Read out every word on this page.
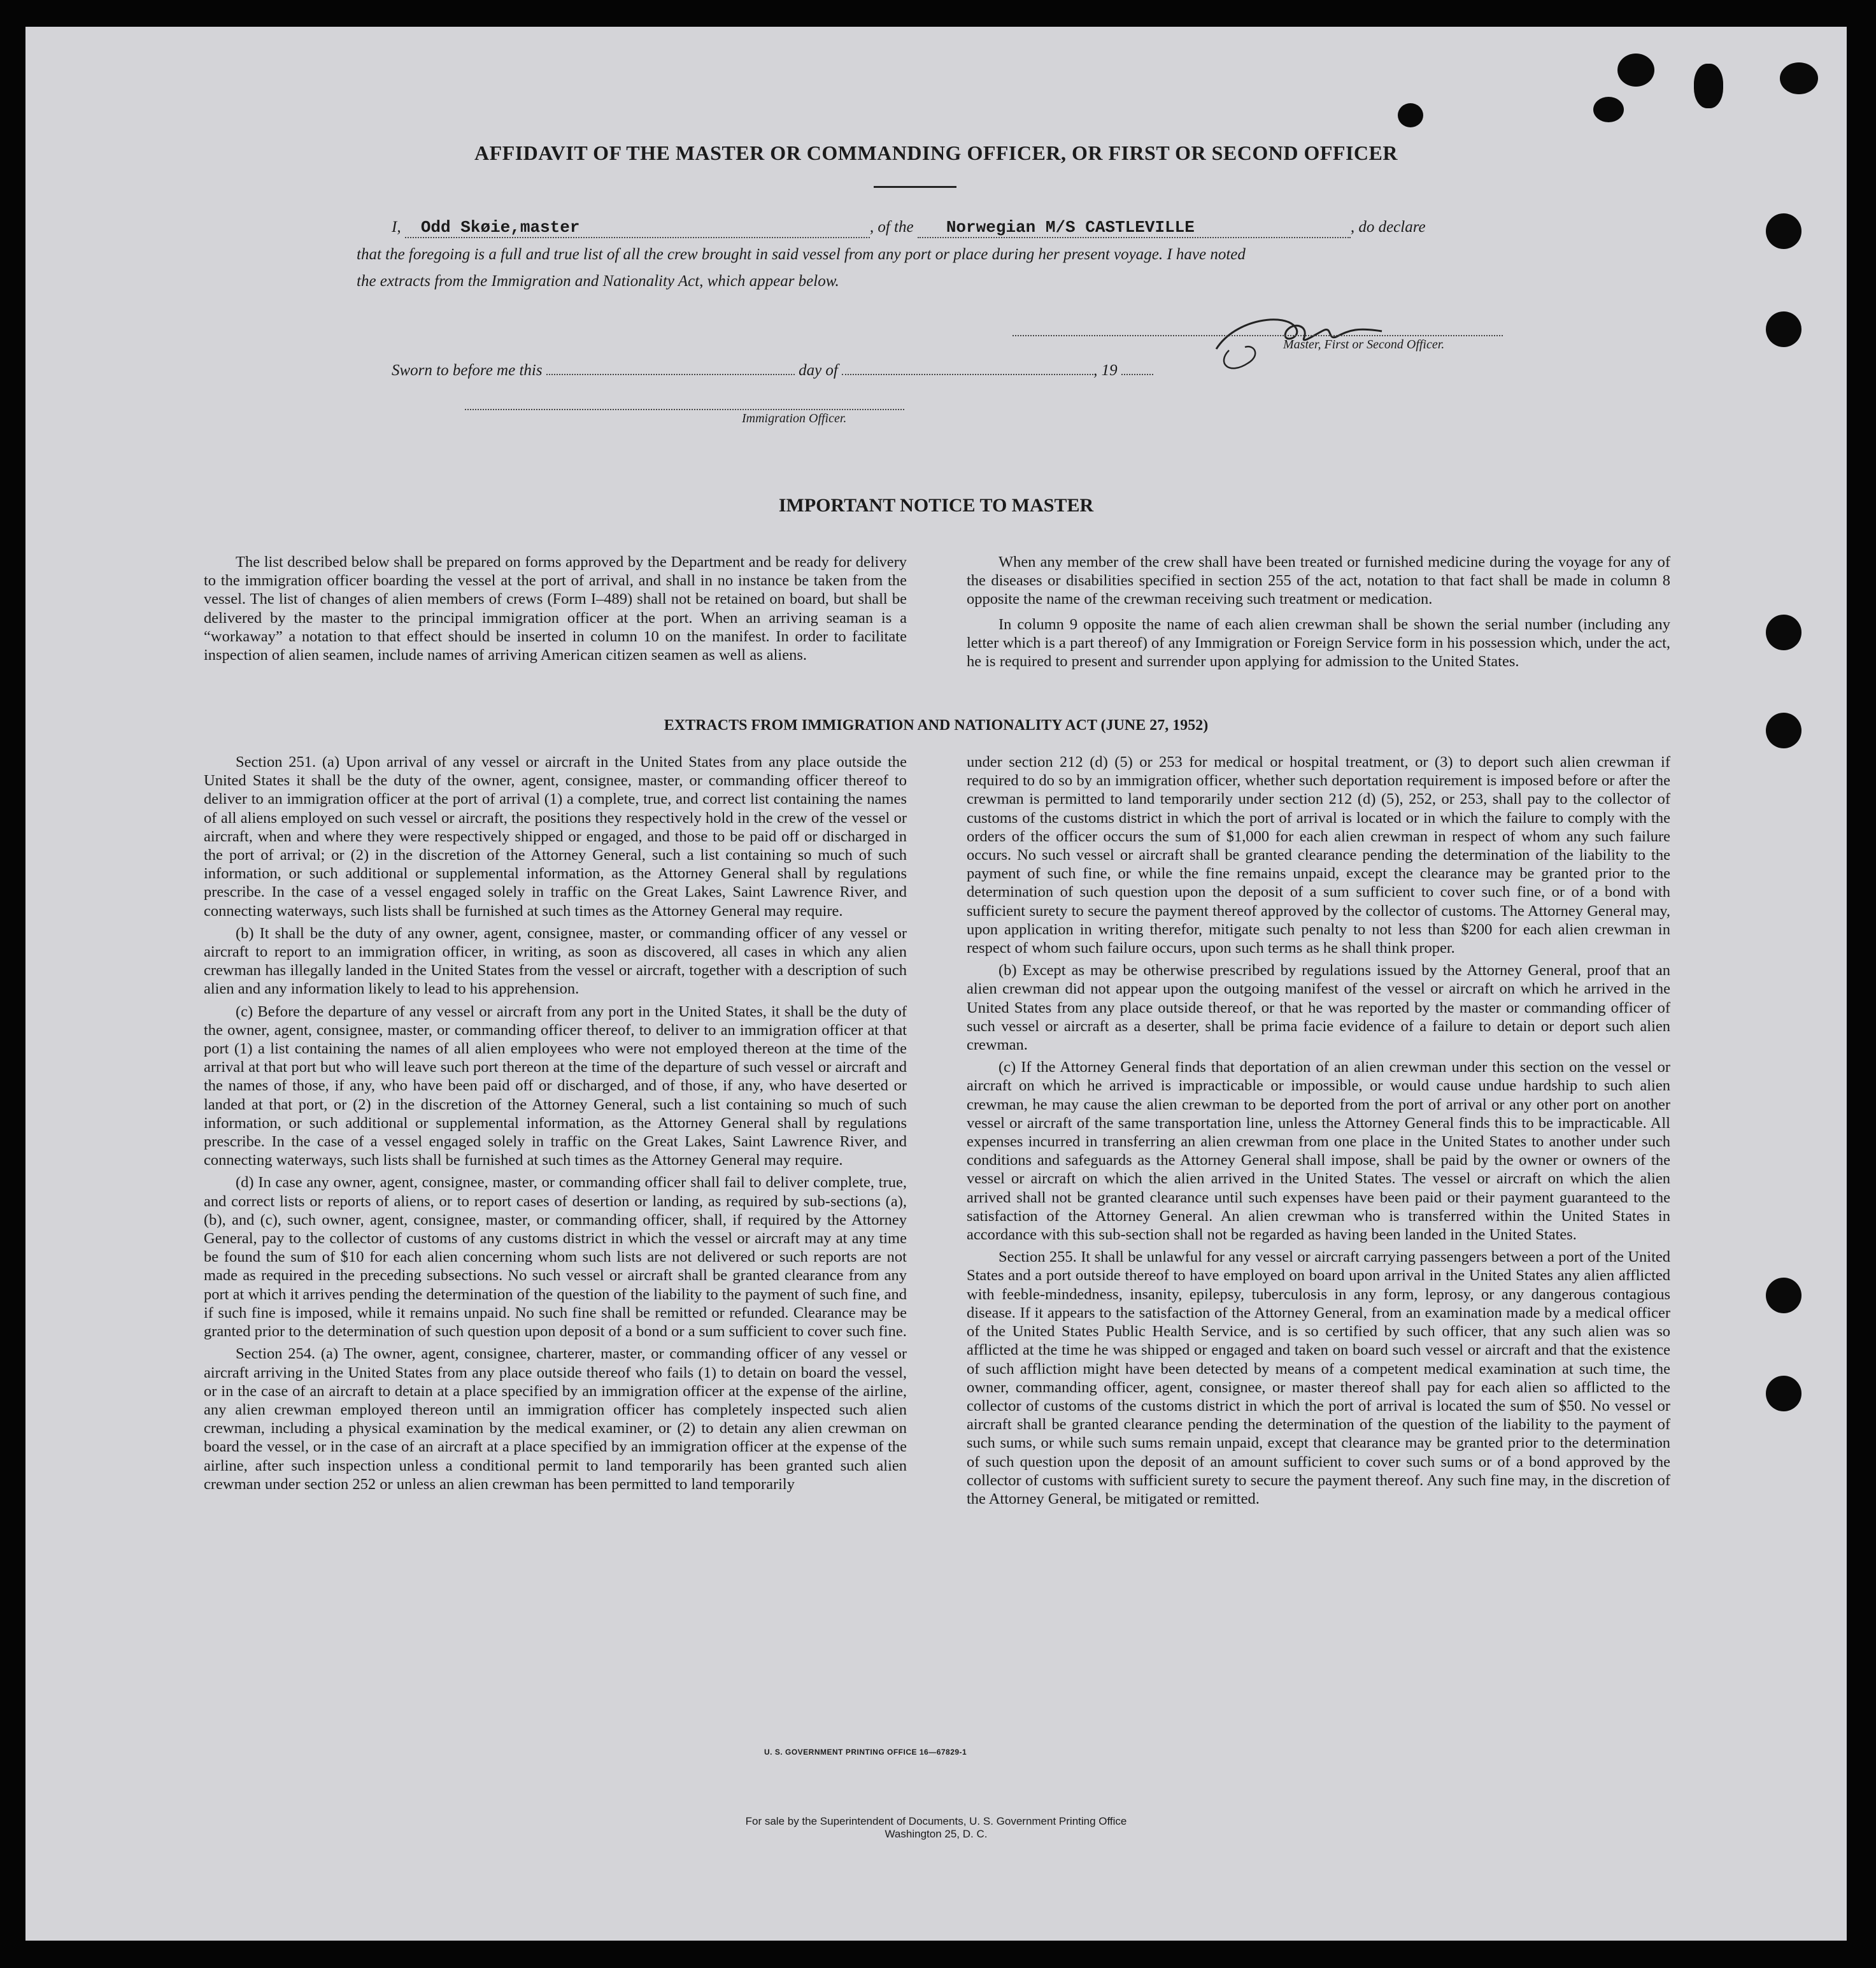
AFFIDAVIT OF THE MASTER OR COMMANDING OFFICER, OR FIRST OR SECOND OFFICER
I, Odd Skøie,master	, of the Norwegian M/S CASTLEVILLE	, do declare
that the foregoing is a full and true list of all the crew brought in said vessel from any port or place during her present voyage. I have noted
the extracts from the Immigration and Nationality Act, which appear below.
Master, First or Second Officer.
Sworn to before me this	day of	, 19
Immigration Officer.
IMPORTANT NOTICE TO MASTER

The list described below shall be prepared on forms approved by the Department and be ready for delivery to the immigration officer boarding the vessel at the port of arrival, and shall in no instance be taken from the vessel. The list of changes of alien members of crews (Form I–489) shall not be retained on board, but shall be delivered by the master to the principal immigration officer at the port. When an arriving seaman is a “workaway” a notation to that effect should be inserted in column 10 on the manifest. In order to facilitate inspection of alien seamen, include names of arriving American citizen seamen as well as aliens.

When any member of the crew shall have been treated or furnished medicine during the voyage for any of the diseases or disabilities specified in section 255 of the act, notation to that fact shall be made in column 8 opposite the name of the crewman receiving such treatment or medication.

In column 9 opposite the name of each alien crewman shall be shown the serial number (including any letter which is a part thereof) of any Immigration or Foreign Service form in his possession which, under the act, he is required to present and surrender upon applying for admission to the United States.

EXTRACTS FROM IMMIGRATION AND NATIONALITY ACT (JUNE 27, 1952)

Section 251. (a) Upon arrival of any vessel or aircraft in the United States from any place outside the United States it shall be the duty of the owner, agent, consignee, master, or commanding officer thereof to deliver to an immigration officer at the port of arrival (1) a complete, true, and correct list containing the names of all aliens employed on such vessel or aircraft, the positions they respectively hold in the crew of the vessel or aircraft, when and where they were respectively shipped or engaged, and those to be paid off or discharged in the port of arrival; or (2) in the discretion of the Attorney General, such a list containing so much of such information, or such additional or supplemental information, as the Attorney General shall by regulations prescribe. In the case of a vessel engaged solely in traffic on the Great Lakes, Saint Lawrence River, and connecting waterways, such lists shall be furnished at such times as the Attorney General may require.

(b) It shall be the duty of any owner, agent, consignee, master, or commanding officer of any vessel or aircraft to report to an immigration officer, in writing, as soon as discovered, all cases in which any alien crewman has illegally landed in the United States from the vessel or aircraft, together with a description of such alien and any information likely to lead to his apprehension.

(c) Before the departure of any vessel or aircraft from any port in the United States, it shall be the duty of the owner, agent, consignee, master, or commanding officer thereof, to deliver to an immigration officer at that port (1) a list containing the names of all alien employees who were not employed thereon at the time of the arrival at that port but who will leave such port thereon at the time of the departure of such vessel or aircraft and the names of those, if any, who have been paid off or discharged, and of those, if any, who have deserted or landed at that port, or (2) in the discretion of the Attorney General, such a list containing so much of such information, or such additional or supplemental information, as the Attorney General shall by regulations prescribe. In the case of a vessel engaged solely in traffic on the Great Lakes, Saint Lawrence River, and connecting waterways, such lists shall be furnished at such times as the Attorney General may require.

(d) In case any owner, agent, consignee, master, or commanding officer shall fail to deliver complete, true, and correct lists or reports of aliens, or to report cases of desertion or landing, as required by sub-sections (a), (b), and (c), such owner, agent, consignee, master, or commanding officer, shall, if required by the Attorney General, pay to the collector of customs of any customs district in which the vessel or aircraft may at any time be found the sum of $10 for each alien concerning whom such lists are not delivered or such reports are not made as required in the preceding subsections. No such vessel or aircraft shall be granted clearance from any port at which it arrives pending the determination of the question of the liability to the payment of such fine, and if such fine is imposed, while it remains unpaid. No such fine shall be remitted or refunded. Clearance may be granted prior to the determination of such question upon deposit of a bond or a sum sufficient to cover such fine.

Section 254. (a) The owner, agent, consignee, charterer, master, or commanding officer of any vessel or aircraft arriving in the United States from any place outside thereof who fails (1) to detain on board the vessel, or in the case of an aircraft to detain at a place specified by an immigration officer at the expense of the airline, any alien crewman employed thereon until an immigration officer has completely inspected such alien crewman, including a physical examination by the medical examiner, or (2) to detain any alien crewman on board the vessel, or in the case of an aircraft at a place specified by an immigration officer at the expense of the airline, after such inspection unless a conditional permit to land temporarily has been granted such alien crewman under section 252 or unless an alien crewman has been permitted to land temporarily

under section 212 (d) (5) or 253 for medical or hospital treatment, or (3) to deport such alien crewman if required to do so by an immigration officer, whether such deportation requirement is imposed before or after the crewman is permitted to land temporarily under section 212 (d) (5), 252, or 253, shall pay to the collector of customs of the customs district in which the port of arrival is located or in which the failure to comply with the orders of the officer occurs the sum of $1,000 for each alien crewman in respect of whom any such failure occurs. No such vessel or aircraft shall be granted clearance pending the determination of the liability to the payment of such fine, or while the fine remains unpaid, except the clearance may be granted prior to the determination of such question upon the deposit of a sum sufficient to cover such fine, or of a bond with sufficient surety to secure the payment thereof approved by the collector of customs. The Attorney General may, upon application in writing therefor, mitigate such penalty to not less than $200 for each alien crewman in respect of whom such failure occurs, upon such terms as he shall think proper.

(b) Except as may be otherwise prescribed by regulations issued by the Attorney General, proof that an alien crewman did not appear upon the outgoing manifest of the vessel or aircraft on which he arrived in the United States from any place outside thereof, or that he was reported by the master or commanding officer of such vessel or aircraft as a deserter, shall be prima facie evidence of a failure to detain or deport such alien crewman.

(c) If the Attorney General finds that deportation of an alien crewman under this section on the vessel or aircraft on which he arrived is impracticable or impossible, or would cause undue hardship to such alien crewman, he may cause the alien crewman to be deported from the port of arrival or any other port on another vessel or aircraft of the same transportation line, unless the Attorney General finds this to be impracticable. All expenses incurred in transferring an alien crewman from one place in the United States to another under such conditions and safeguards as the Attorney General shall impose, shall be paid by the owner or owners of the vessel or aircraft on which the alien arrived in the United States. The vessel or aircraft on which the alien arrived shall not be granted clearance until such expenses have been paid or their payment guaranteed to the satisfaction of the Attorney General. An alien crewman who is transferred within the United States in accordance with this sub-section shall not be regarded as having been landed in the United States.

Section 255. It shall be unlawful for any vessel or aircraft carrying passengers between a port of the United States and a port outside thereof to have employed on board upon arrival in the United States any alien afflicted with feeble-mindedness, insanity, epilepsy, tuberculosis in any form, leprosy, or any dangerous contagious disease. If it appears to the satisfaction of the Attorney General, from an examination made by a medical officer of the United States Public Health Service, and is so certified by such officer, that any such alien was so afflicted at the time he was shipped or engaged and taken on board such vessel or aircraft and that the existence of such affliction might have been detected by means of a competent medical examination at such time, the owner, commanding officer, agent, consignee, or master thereof shall pay for each alien so afflicted to the collector of customs of the customs district in which the port of arrival is located the sum of $50. No vessel or aircraft shall be granted clearance pending the determination of the question of the liability to the payment of such sums, or while such sums remain unpaid, except that clearance may be granted prior to the determination of such question upon the deposit of an amount sufficient to cover such sums or of a bond approved by the collector of customs with sufficient surety to secure the payment thereof. Any such fine may, in the discretion of the Attorney General, be mitigated or remitted.

U. S. GOVERNMENT PRINTING OFFICE 16—67829-1
For sale by the Superintendent of Documents, U. S. Government Printing Office
Washington 25, D. C.
